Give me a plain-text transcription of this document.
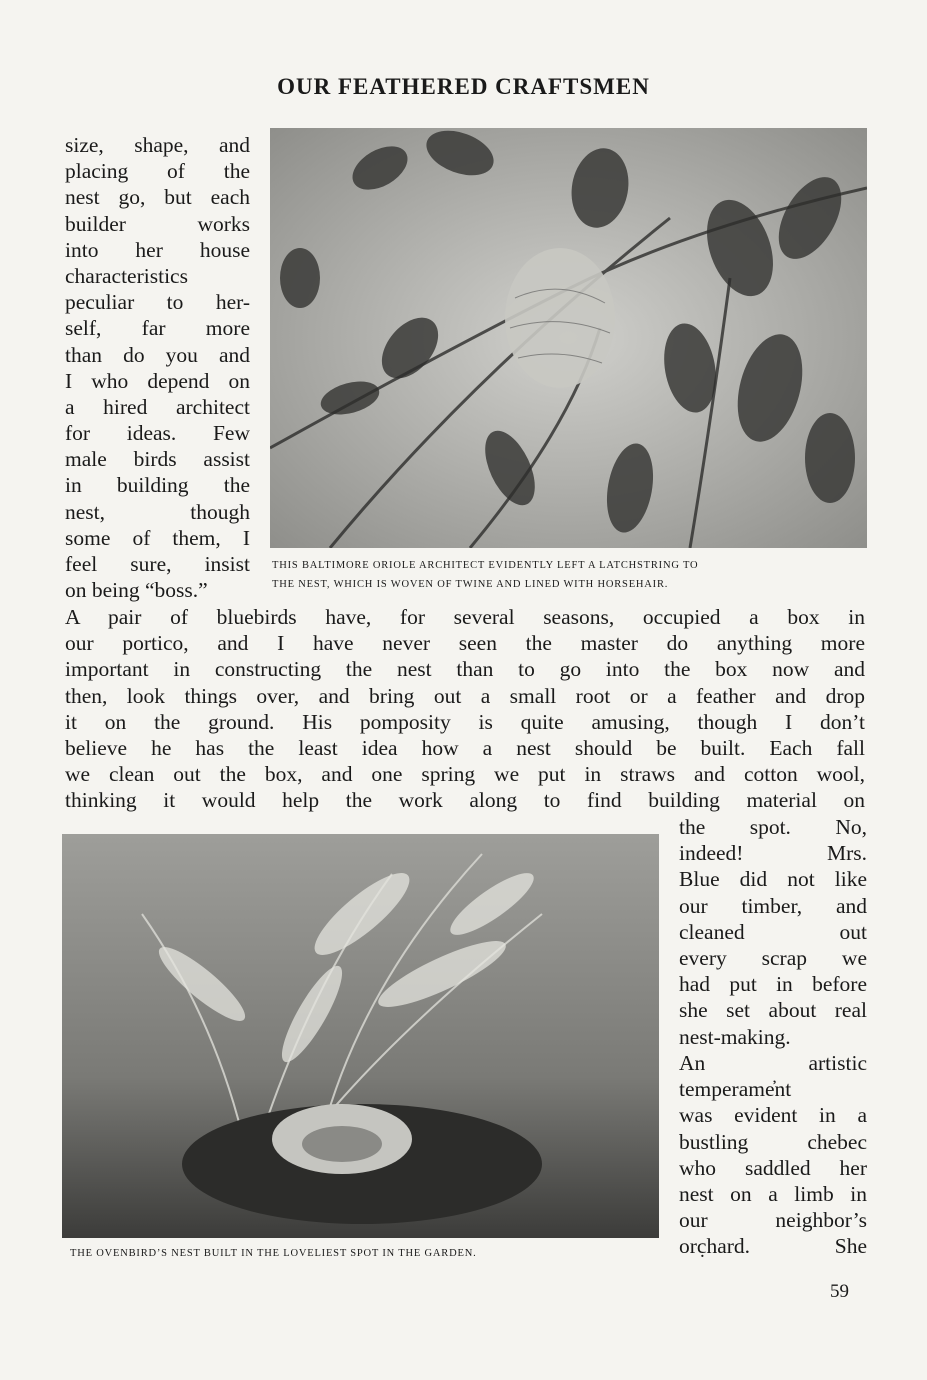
OUR FEATHERED CRAFTSMEN
size, shape, and
placing of the
nest go, but each
builder works
into her house
characteristics
peculiar to her-
self, far more
than do you and
I who depend on
a hired architect
for ideas. Few
male birds assist
in building the
nest, though
some of them, I
feel sure, insist
on being “boss.”
THIS BALTIMORE ORIOLE ARCHITECT EVIDENTLY LEFT A LATCHSTRING TO
THE NEST, WHICH IS WOVEN OF TWINE AND LINED WITH HORSEHAIR.
A pair of bluebirds have, for several seasons, occupied a box in
our portico, and I have never seen the master do anything more
important in constructing the nest than to go into the box now and
then, look things over, and bring out a small root or a feather and drop
it on the ground. His pomposity is quite amusing, though I don’t
believe he has the least idea how a nest should be built. Each fall
we clean out the box, and one spring we put in straws and cotton wool,
thinking it would help the work along to find building material on
THE OVENBIRD’S NEST BUILT IN THE LOVELIEST SPOT IN THE GARDEN.
the spot. No,
indeed! Mrs.
Blue did not like
our timber, and
cleaned out
every scrap we
had put in before
she set about real
nest-making.
An artistic
temperame̓nt
was evident in a
bustling chebec
who saddled her
nest on a limb in
our neighbor’s
orc̣hard. She
59
